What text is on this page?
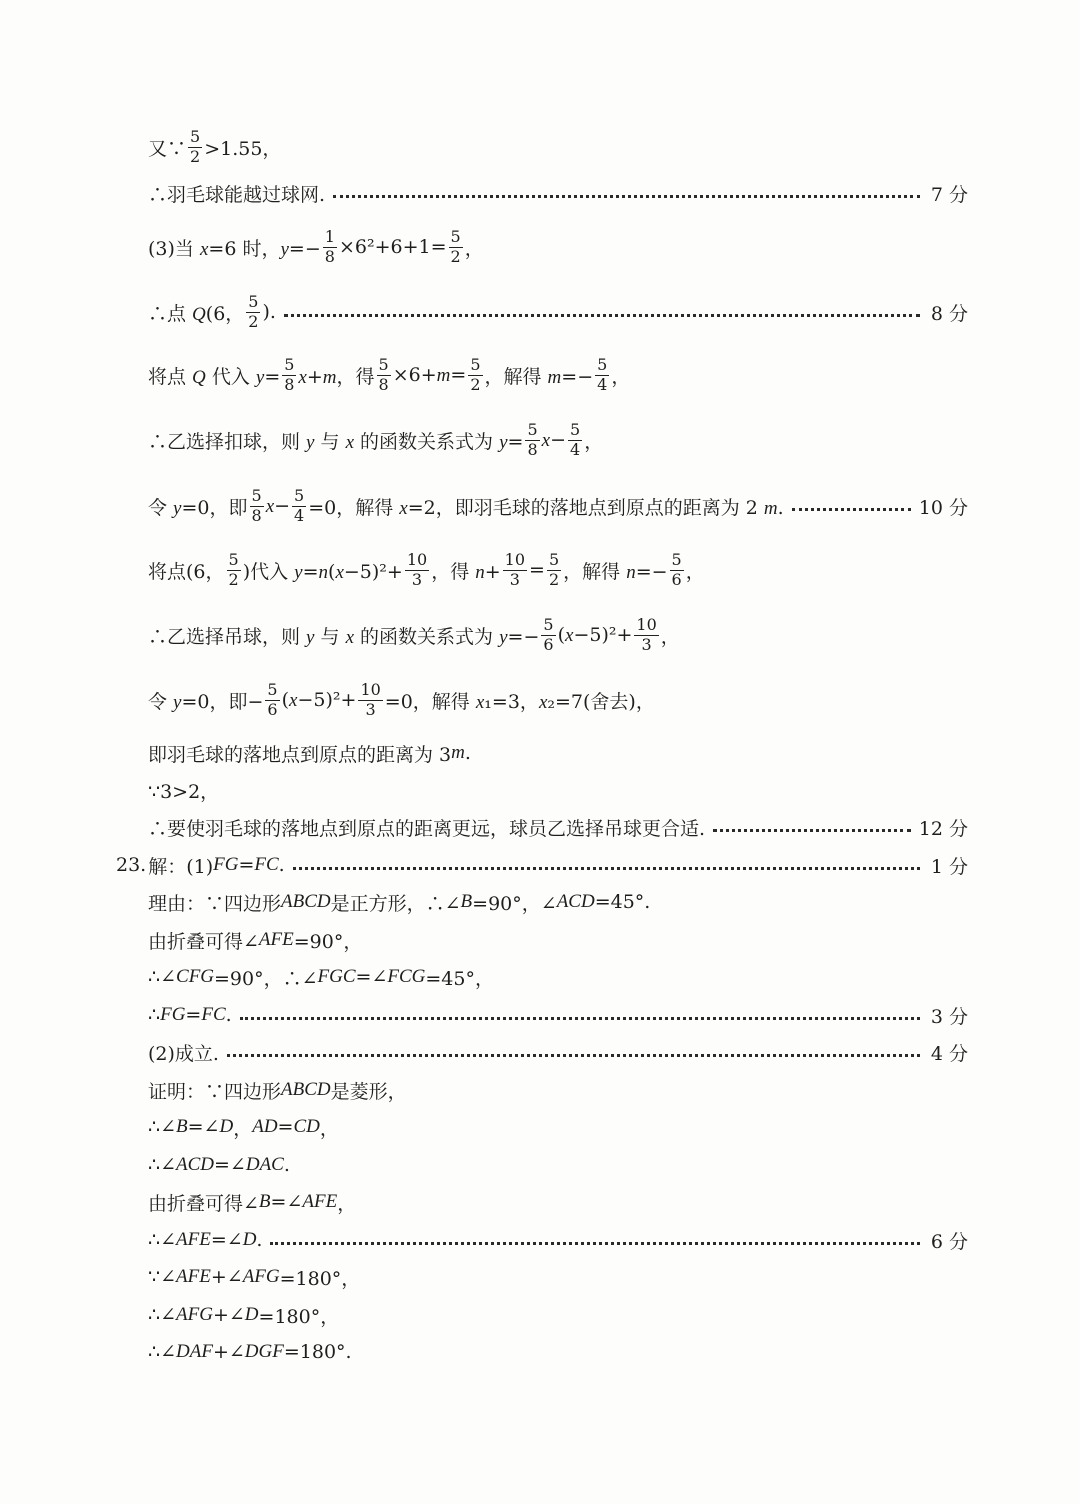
又∵ $\frac{5}{2} >1.55$，
∴羽毛球能越过球网.	7 分
(3)当 x=6 时，$y=- \frac{1}{8} \times 6^2+6+1= \frac{5}{2}$ ，
∴点 Q (6， $\frac{5}{2}$ ).	8 分
将点 Q 代入 $y= \frac{5}{8} x+m$，得 $\frac{5}{8} \times 6+m= \frac{5}{2}$ ，解得 $m=- \frac{5}{4}$ ，
∴乙选择扣球，则 y 与 x 的函数关系式为 $y= \frac{5}{8} x- \frac{5}{4}$ ，
令 y=0，即 $\frac{5}{8} x- \frac{5}{4} =0$，解得 x=2，即羽毛球的落地点到原点的距离为 2 m.	10 分
将点(6， $\frac{5}{2}$ )代入 $y=n(x-5)^2+ \frac{10}{3}$ ，得 $n+ \frac{10}{3} = \frac{5}{2}$ ，解得 $n=- \frac{5}{6}$ ，
∴乙选择吊球，则 y 与 x 的函数关系式为 $y=- \frac{5}{6} (x-5)^2+ \frac{10}{3}$ ，
令 y=0，即− $\frac{5}{6} (x-5)^2+ \frac{10}{3} =0$，解得 x₁=3，x₂=7(舍去)，
即羽毛球的落地点到原点的距离为 3 m .
∵3>2，
∴要使羽毛球的落地点到原点的距离更远，球员乙选择吊球更合适.	12 分
23. 解：(1) FG = FC .	1 分
理由：∵四边形 ABCD 是正方形，∴∠ B =90°，∠ ACD =45°.
由折叠可得∠ AFE =90°，
∴∠ CFG =90°，∴∠ FGC =∠ FCG =45°，
∴ FG = FC .	3 分
(2)成立.	4 分
证明：∵四边形 ABCD 是菱形，
∴∠ B =∠ D ， AD = CD ，
∴∠ ACD =∠ DAC .
由折叠可得∠ B =∠ AFE ，
∴∠ AFE =∠ D .	6 分
∵∠ AFE +∠ AFG =180°，
∴∠ AFG +∠ D =180°，
∴∠ DAF +∠ DGF =180°.
